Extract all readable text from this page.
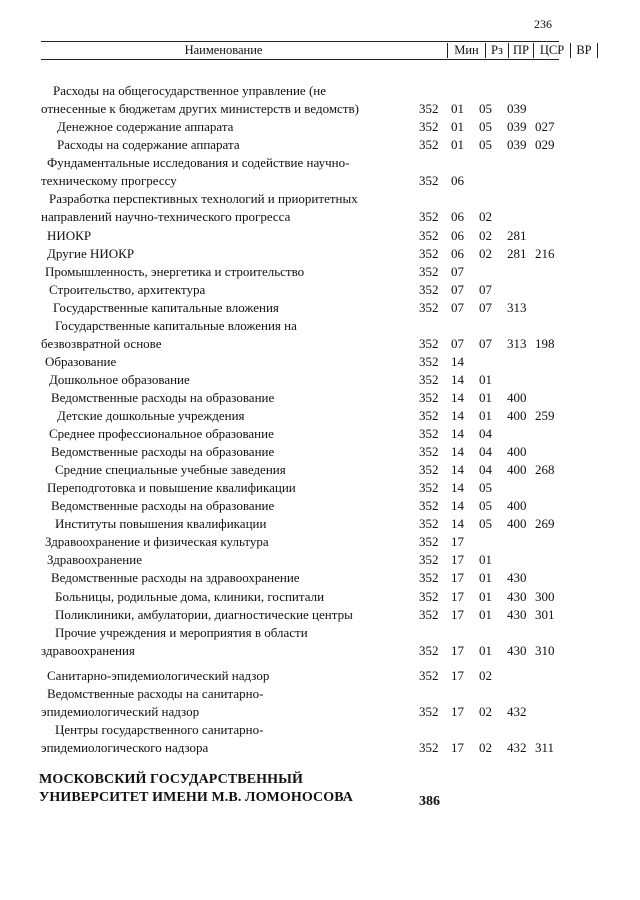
236
Наименование	Мин Рз ПР ЦСР ВР
Расходы на общегосударственное управление (не
отнесенные к бюджетам других министерств и ведомств)	352 01 05 039
Денежное содержание аппарата	352 01 05 039 027
Расходы на содержание аппарата	352 01 05 039 029
Фундаментальные исследования и содействие научно-
техническому прогрессу	352 06
Разработка перспективных технологий и приоритетных
направлений научно-технического прогресса	352 06 02
НИОКР	352 06 02 281
Другие НИОКР	352 06 02 281 216
Промышленность, энергетика и строительство	352 07
Строительство, архитектура	352 07 07
Государственные капитальные вложения	352 07 07 313
Государственные капитальные вложения на
безвозвратной основе	352 07 07 313 198
Образование	352 14
Дошкольное образование	352 14 01
Ведомственные расходы на образование	352 14 01 400
Детские дошкольные учреждения	352 14 01 400 259
Среднее профессиональное образование	352 14 04
Ведомственные расходы на образование	352 14 04 400
Средние специальные учебные заведения	352 14 04 400 268
Переподготовка и повышение квалификации	352 14 05
Ведомственные расходы на образование	352 14 05 400
Институты повышения квалификации	352 14 05 400 269
Здравоохранение и физическая культура	352 17
Здравоохранение	352 17 01
Ведомственные расходы на здравоохранение	352 17 01 430
Больницы, родильные дома, клиники, госпитали	352 17 01 430 300
Поликлиники, амбулатории, диагностические центры	352 17 01 430 301
Прочие учреждения и мероприятия в области
здравоохранения	352 17 01 430 310
Санитарно-эпидемиологический надзор	352 17 02
Ведомственные расходы на санитарно-
эпидемиологический надзор	352 17 02 432
Центры государственного санитарно-
эпидемиологического надзора	352 17 02 432 311
МОСКОВСКИЙ ГОСУДАРСТВЕННЫЙ
УНИВЕРСИТЕТ ИМЕНИ М.В. ЛОМОНОСОВА	386
